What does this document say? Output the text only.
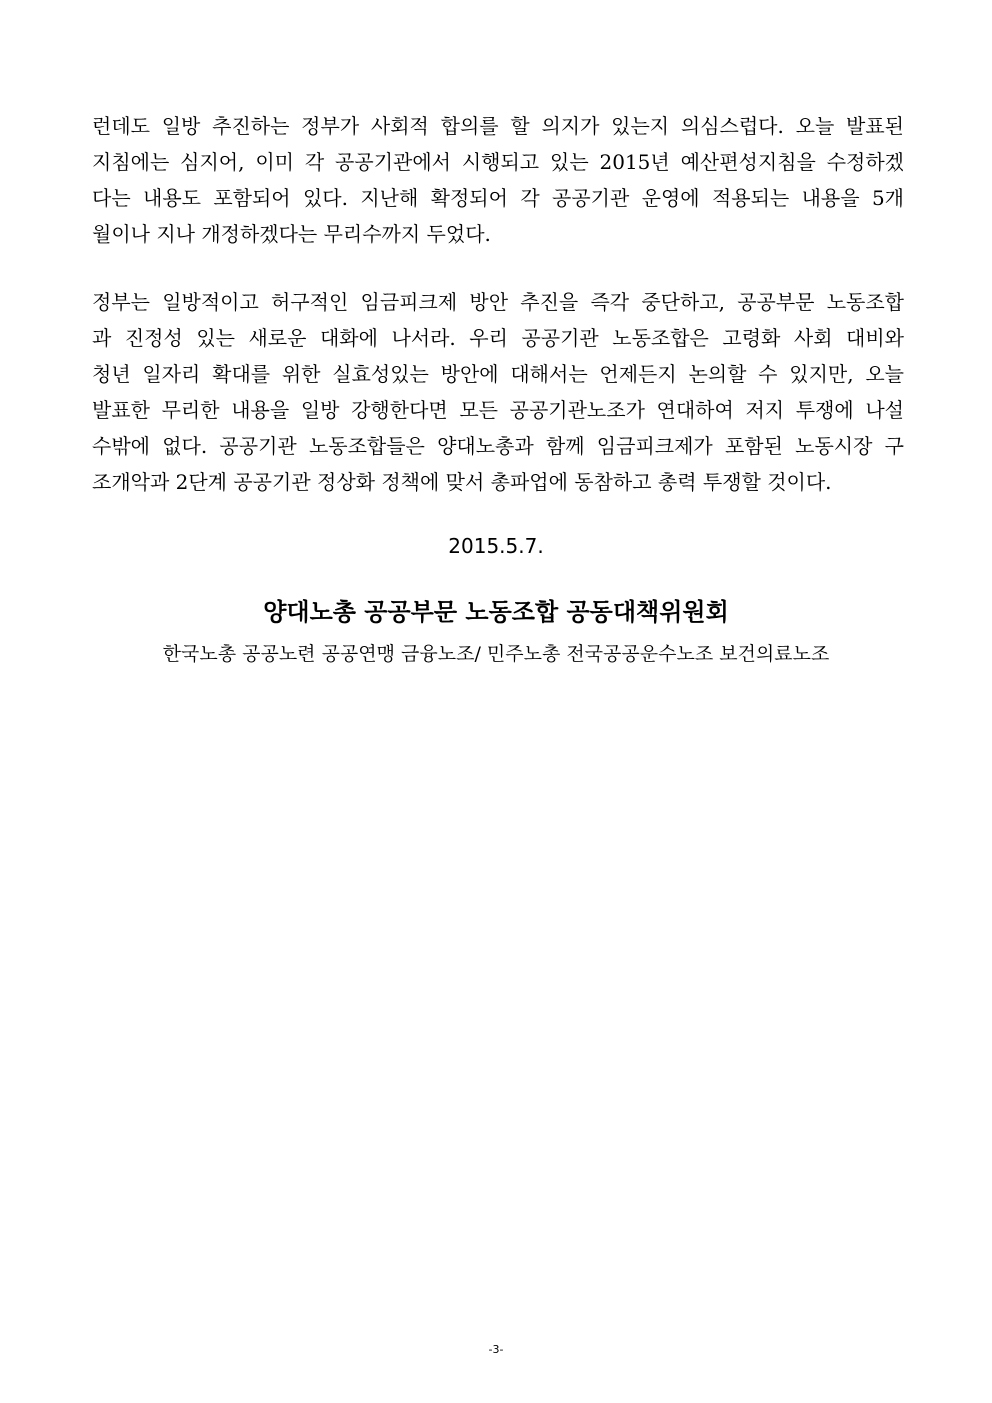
런데도 일방 추진하는 정부가 사회적 합의를 할 의지가 있는지 의심스럽다. 오늘 발표된
지침에는 심지어, 이미 각 공공기관에서 시행되고 있는 2015년 예산편성지침을 수정하겠
다는 내용도 포함되어 있다. 지난해 확정되어 각 공공기관 운영에 적용되는 내용을 5개
월이나 지나 개정하겠다는 무리수까지 두었다.
정부는 일방적이고 허구적인 임금피크제 방안 추진을 즉각 중단하고, 공공부문 노동조합
과 진정성 있는 새로운 대화에 나서라. 우리 공공기관 노동조합은 고령화 사회 대비와
청년 일자리 확대를 위한 실효성있는 방안에 대해서는 언제든지 논의할 수 있지만, 오늘
발표한 무리한 내용을 일방 강행한다면 모든 공공기관노조가 연대하여 저지 투쟁에 나설
수밖에 없다. 공공기관 노동조합들은 양대노총과 함께 임금피크제가 포함된 노동시장 구
조개악과 2단계 공공기관 정상화 정책에 맞서 총파업에 동참하고 총력 투쟁할 것이다.
2015.5.7.
양대노총 공공부문 노동조합 공동대책위원회
한국노총 공공노련 공공연맹 금융노조/ 민주노총 전국공공운수노조 보건의료노조
-3-
